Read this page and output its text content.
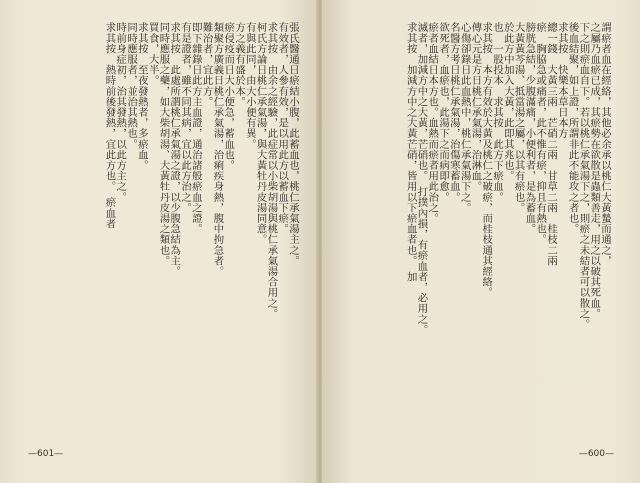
張氏醫通日瘀結小腹，此蓄血也，桃仁承氣湯主之。
有效者，人參有效，是以用此方以蓄血下瘀。
求其按　由余之經驗，此症常以小柴胡湯與桃仁承氣湯合用之。
柯氏方論日桃仁承氣湯，與大黃牡丹皮湯同意。
有與此同，由大小便有異。
方之義有盛於本。
瘀侵疫而日大小便急，蓄血也。
類聚方廣義日桃仁承氣湯，治痢疾身熱，腹中拘急者。
難治者，宜此方。
即下雜錄日此方主血證，通治諸般瘀血之證。
有是證者，雖不同其病，宜以此方治之。
求其按　此處所謂桃仁承氣湯之證，以少腹急結為主。
同時應服之藥，如大柴胡湯、大黃牡丹皮湯之類也。
買食，大半。
求其按　至夜發熱者，多瘀血。
同時應服者，並治其熱也。
時前身症初，治其發熱，以此方主之。
求其按　熱時前後發熱，宜此方也。　瘀血者
—601—
謂瘀者血在經絡，其他必余承以桃仁大黃蟄而通之，
之屬乃血瘀已成，其瘀勢在欲散是蟲類善走，用之以破其死血。
下之則瘀血自下。若以桃仁承氣湯下之，則瘀之未結者可以散之。
後血結聚，如上證，所謂非此不能攻之者也。
求其按　快樂本草日本方
總一錢　大黃三兩　芒硝二兩　甘草二兩　桂枝二兩
瘀　胸脇急或痛者，此不惟有瘀，抑且有熱也。
膀胱急結，少腹滿痛，小便利者，是為蓄血。
大黃黃芩湯、抵當湯之屬，以其有瘀也。
於此方中加入大黃，此即其兆也。
也　一股投本　求其按　此方下瘀血。
求其按　本方有效於大黃及桃仁之破瘀，而桂枝通其經絡。
傳心元是方日桃仁承氣湯，治淋血。
心傷卻錄日此血熱中，桃仁承氣湯下之。
名醫方考日桃仁承氣湯，治傷寒蓄血。
欲死者，血瘀也，此湯下之而病即愈。
瘀者血結日本方也。血熱而瘀者用此治之。
滅者，加減方中之大黃，芒硝也。　打撲內損，有瘀血者，必用之。
求其按　加減方中之大黃芒硝，皆用以下瘀血者也。　加
—600—
